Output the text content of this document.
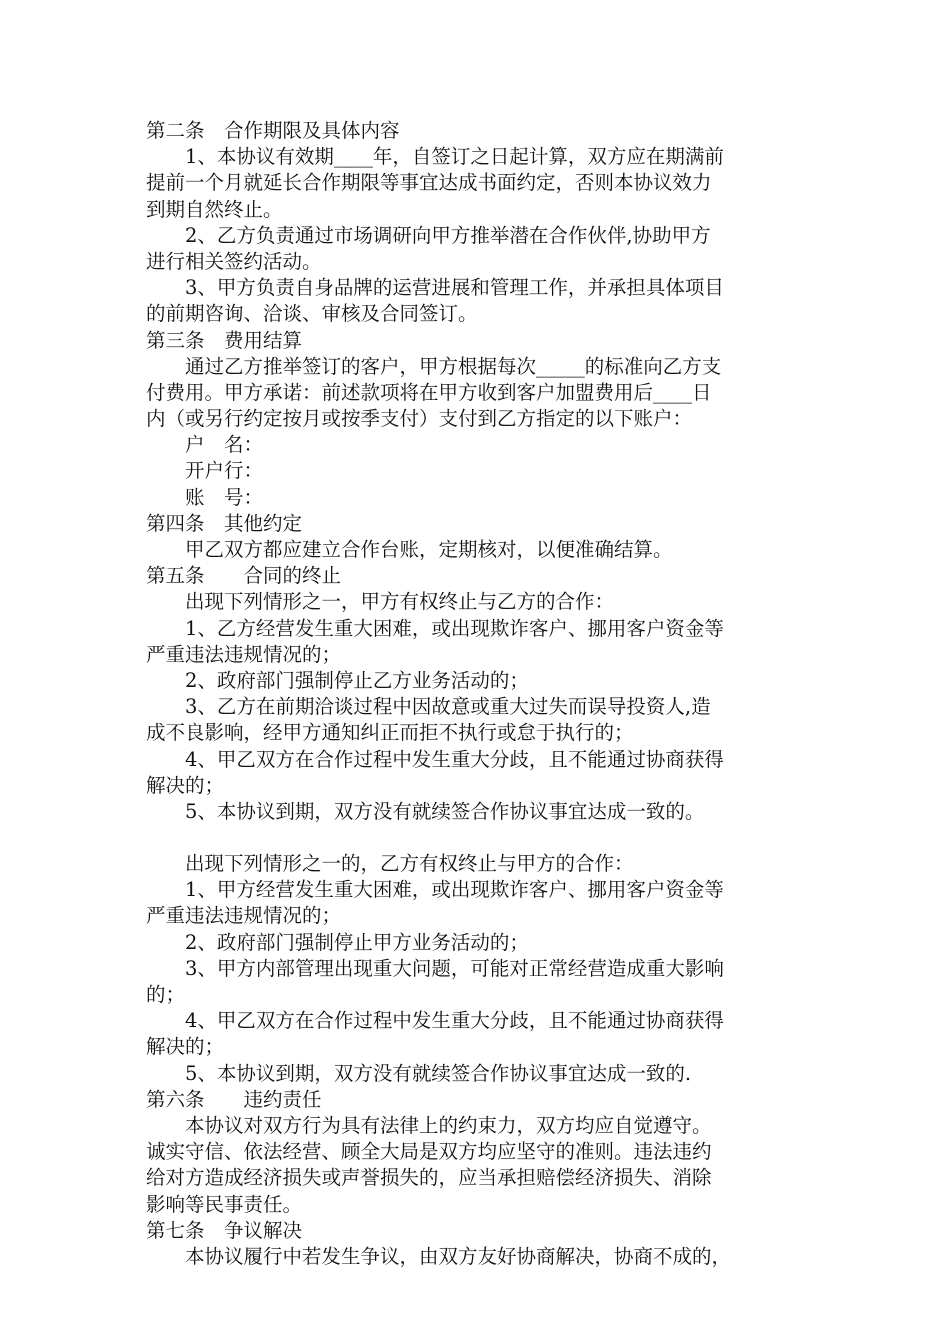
第二条　合作期限及具体内容
　　1、本协议有效期____年，自签订之日起计算，双方应在期满前
提前一个月就延长合作期限等事宜达成书面约定，否则本协议效力
到期自然终止。
　　2、乙方负责通过市场调研向甲方推举潜在合作伙伴,协助甲方
进行相关签约活动。
　　3、甲方负责自身品牌的运营进展和管理工作，并承担具体项目
的前期咨询、洽谈、审核及合同签订。
第三条　费用结算
　　通过乙方推举签订的客户，甲方根据每次_____的标准向乙方支
付费用。甲方承诺：前述款项将在甲方收到客户加盟费用后____日
内（或另行约定按月或按季支付）支付到乙方指定的以下账户：
　　户　名：
　　开户行：
　　账　号：
第四条　其他约定
　　甲乙双方都应建立合作台账，定期核对，以便准确结算。
第五条　　合同的终止
　　出现下列情形之一，甲方有权终止与乙方的合作：
　　1、乙方经营发生重大困难，或出现欺诈客户、挪用客户资金等
严重违法违规情况的；
　　2、政府部门强制停止乙方业务活动的；
　　3、乙方在前期洽谈过程中因故意或重大过失而误导投资人,造
成不良影响，经甲方通知纠正而拒不执行或怠于执行的；
　　4、甲乙双方在合作过程中发生重大分歧，且不能通过协商获得
解决的；
　　5、本协议到期，双方没有就续签合作协议事宜达成一致的。
　　出现下列情形之一的，乙方有权终止与甲方的合作：
　　1、甲方经营发生重大困难，或出现欺诈客户、挪用客户资金等
严重违法违规情况的；
　　2、政府部门强制停止甲方业务活动的；
　　3、甲方内部管理出现重大问题，可能对正常经营造成重大影响
的；
　　4、甲乙双方在合作过程中发生重大分歧，且不能通过协商获得
解决的；
　　5、本协议到期，双方没有就续签合作协议事宜达成一致的.
第六条　　违约责任
　　本协议对双方行为具有法律上的约束力，双方均应自觉遵守。
诚实守信、依法经营、顾全大局是双方均应坚守的准则。违法违约
给对方造成经济损失或声誉损失的，应当承担赔偿经济损失、消除
影响等民事责任。
第七条　争议解决
　　本协议履行中若发生争议，由双方友好协商解决，协商不成的，
